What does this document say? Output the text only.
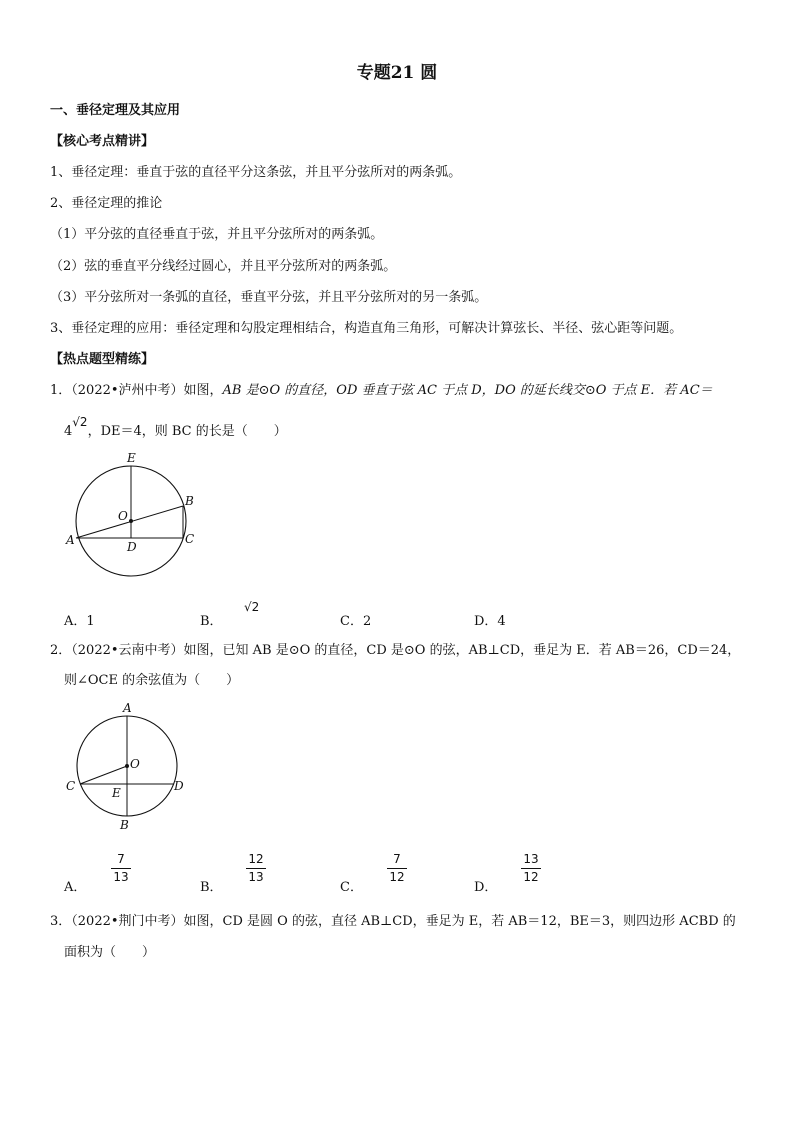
专题21 圆
一、垂径定理及其应用
【核心考点精讲】
1、垂径定理：垂直于弦的直径平分这条弦，并且平分弦所对的两条弧。
2、垂径定理的推论
（1）平分弦的直径垂直于弦，并且平分弦所对的两条弧。
（2）弦的垂直平分线经过圆心，并且平分弦所对的两条弧。
（3）平分弦所对一条弧的直径，垂直平分弦，并且平分弦所对的另一条弧。
3、垂径定理的应用：垂径定理和勾股定理相结合，构造直角三角形，可解决计算弦长、半径、弦心距等问题。
【热点题型精练】
1．（2022•泸州中考）如图，AB 是⊙O 的直径，OD 垂直于弦 AC 于点 D，DO 的延长线交⊙O 于点 E．若 AC＝
4√2，DE＝4，则 BC 的长是（　　）
E
B
O
A	D
C
A．1	B．
√2
C．2	D．4
2．（2022•云南中考）如图，已知 AB 是⊙O 的直径，CD 是⊙O 的弦，AB⊥CD，垂足为 E．若 AB＝26，CD＝24，
则∠OCE 的余弦值为（　　）
A
O
C	D
E
B
A．
7
13
B．
12
13
C．
7
12
D．
13
12
3．（2022•荆门中考）如图，CD 是圆 O 的弦，直径 AB⊥CD，垂足为 E，若 AB＝12，BE＝3，则四边形 ACBD 的
面积为（　　）
